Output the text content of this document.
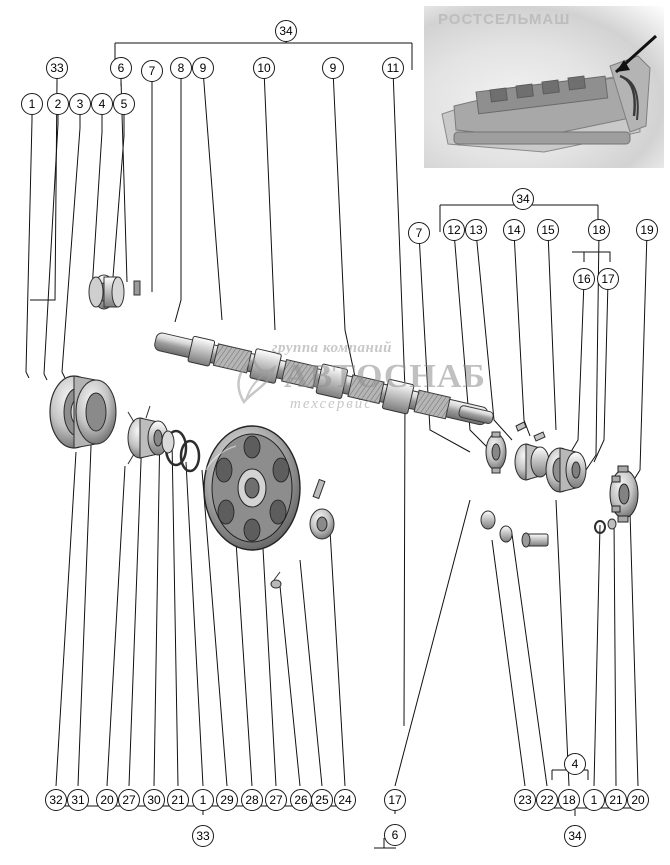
РОСТСЕЛЬМАШ
группа компаний
АВТОСНАБ
техсервис
34
33	6	7	8	9	10	9	11
1	2	3	4	5
34
7	12 13	14	15	18	19
16 17
32 31	20 27 30 21	1	29 28 27 26 25 24
33
17
6
23 22 18	1 21 20
4
34
